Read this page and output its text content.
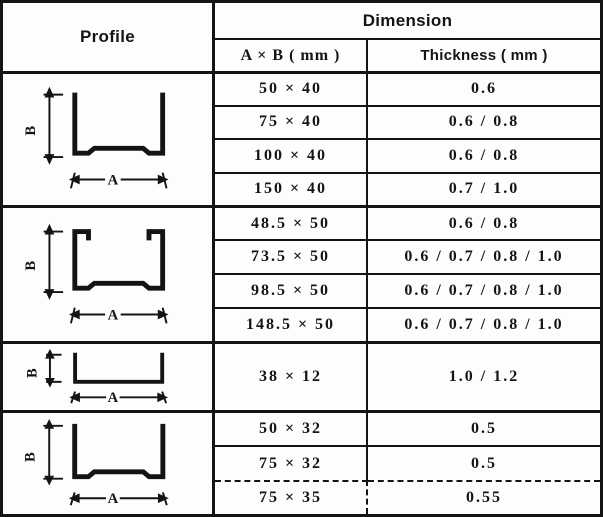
Profile
Dimension
A × B ( mm )	Thickness ( mm )
B
A
B
A
B
A
B
A
50 × 40	0.6
75 × 40	0.6 / 0.8
100 × 40	0.6 / 0.8
150 × 40	0.7 / 1.0
48.5 × 50	0.6 / 0.8
73.5 × 50	0.6 / 0.7 / 0.8 / 1.0
98.5 × 50	0.6 / 0.7 / 0.8 / 1.0
148.5 × 50	0.6 / 0.7 / 0.8 / 1.0
38 × 12	1.0 / 1.2
50 × 32	0.5
75 × 32	0.5
75 × 35	0.55
